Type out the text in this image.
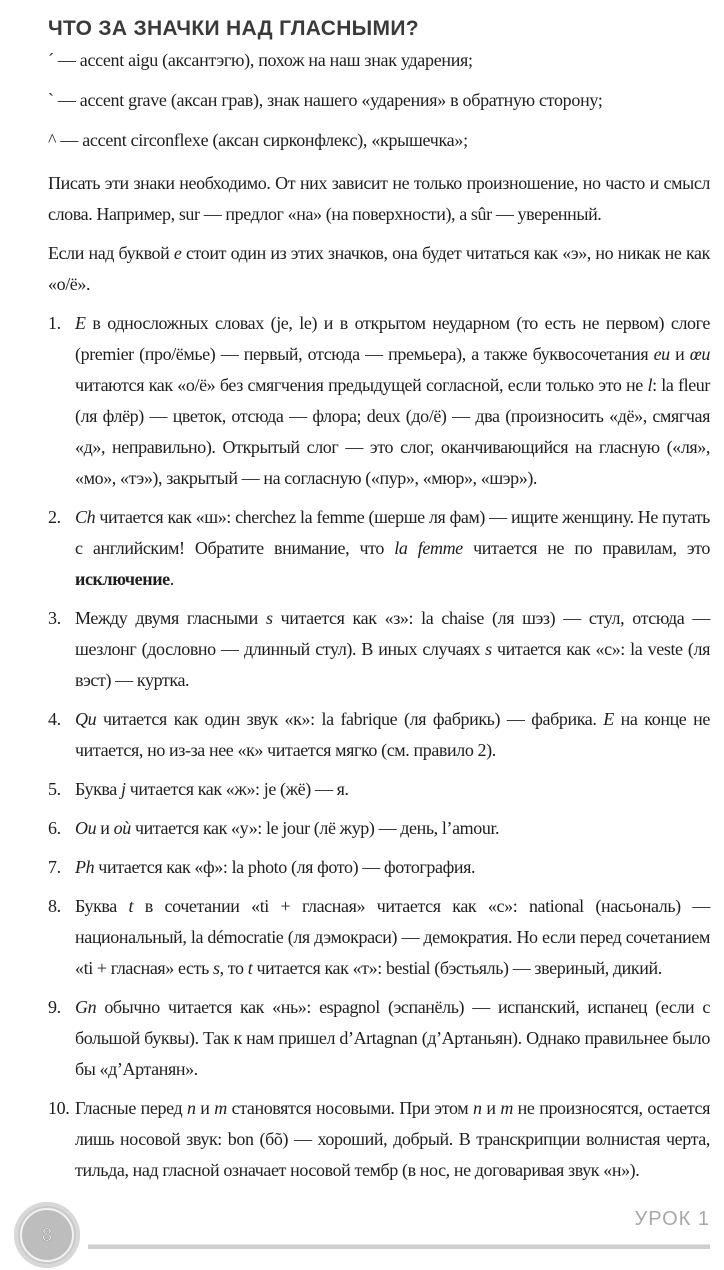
ЧТО ЗА ЗНАЧКИ НАД ГЛАСНЫМИ?
´ — accent aigu (аксантэгю), похож на наш знак ударения;
` — accent grave (аксан грав), знак нашего «ударения» в обратную сторону;
^ — accent circonflexe (аксан сирконфлекс), «крышечка»;

Писать эти знаки необходимо. От них зависит не только произношение, но часто и смысл слова. Например, sur — предлог «на» (на поверхности), а sûr — уверенный.

Если над буквой e стоит один из этих значков, она будет читаться как «э», но никак не как «о/ё».

1. E в односложных словах (je, le) и в открытом неударном (то есть не первом) слоге (premier (про/ёмье) — первый, отсюда — премьера), а также буквосочетания eu и œu читаются как «о/ё» без смягчения предыдущей согласной, если только это не l: la fleur (ля флёр) — цветок, отсюда — флора; deux (до/ё) — два (произносить «дё», смягчая «д», неправильно). Открытый слог — это слог, оканчивающийся на гласную («ля», «мо», «тэ»), закрытый — на согласную («пур», «мюр», «шэр»).
2. Ch читается как «ш»: cherchez la femme (шерше ля фам) — ищите женщину. Не путать с английским! Обратите внимание, что la femme читается не по правилам, это исключение.
3. Между двумя гласными s читается как «з»: la chaise (ля шэз) — стул, отсюда — шезлонг (дословно — длинный стул). В иных случаях s читается как «с»: la veste (ля вэст) — куртка.
4. Qu читается как один звук «к»: la fabrique (ля фабрикь) — фабрика. E на конце не читается, но из-за нее «к» читается мягко (см. правило 2).
5. Буква j читается как «ж»: je (жё) — я.
6. Ou и où читается как «у»: le jour (лё жур) — день, l’amour.
7. Ph читается как «ф»: la photo (ля фото) — фотография.
8. Буква t в сочетании «ti + гласная» читается как «с»: national (насьональ) — национальный, la démocratie (ля дэмокраси) — демократия. Но если перед сочетанием «ti + гласная» есть s, то t читается как «т»: bestial (бэстьяль) — звериный, дикий.
9. Gn обычно читается как «нь»: espagnol (эспанёль) — испанский, испанец (если с большой буквы). Так к нам пришел d’Artagnan (д’Артаньян). Однако правильнее было бы «д’Артанян».
10. Гласные перед n и m становятся носовыми. При этом n и m не произносятся, остается лишь носовой звук: bon (бõ) — хороший, добрый. В транскрипции волнистая черта, тильда, над гласной означает носовой тембр (в нос, не договаривая звук «н»).
8
УРОК 1
